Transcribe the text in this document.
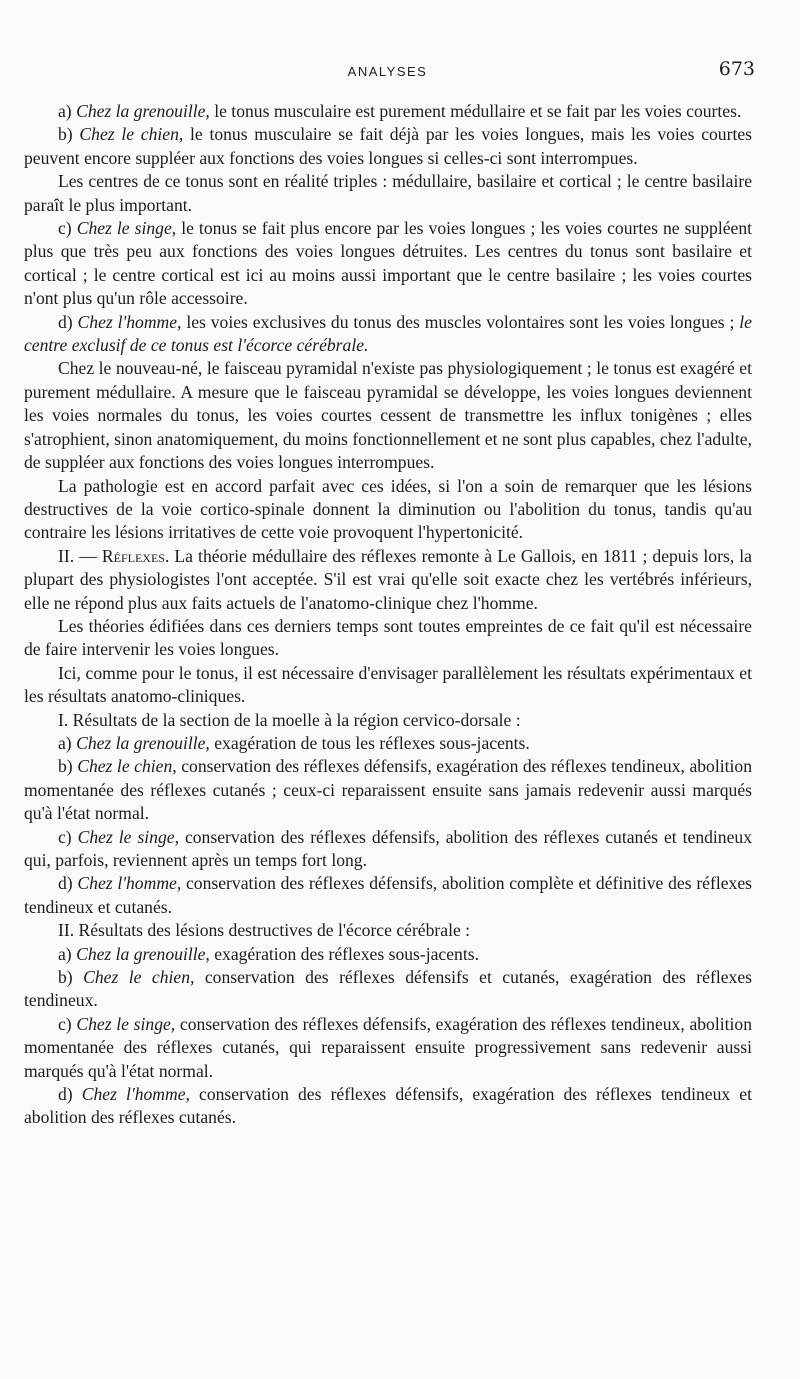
ANALYSES	673

a) Chez la grenouille, le tonus musculaire est purement médullaire et se fait par les voies courtes.

b) Chez le chien, le tonus musculaire se fait déjà par les voies longues, mais les voies courtes peuvent encore suppléer aux fonctions des voies longues si celles-ci sont interrompues.

Les centres de ce tonus sont en réalité triples : médullaire, basilaire et cortical ; le centre basilaire paraît le plus important.

c) Chez le singe, le tonus se fait plus encore par les voies longues ; les voies courtes ne suppléent plus que très peu aux fonctions des voies longues détruites. Les centres du tonus sont basilaire et cortical ; le centre cortical est ici au moins aussi important que le centre basilaire ; les voies courtes n'ont plus qu'un rôle accessoire.

d) Chez l'homme, les voies exclusives du tonus des muscles volontaires sont les voies longues ; le centre exclusif de ce tonus est l'écorce cérébrale.

Chez le nouveau-né, le faisceau pyramidal n'existe pas physiologiquement ; le tonus est exagéré et purement médullaire. A mesure que le faisceau pyramidal se développe, les voies longues deviennent les voies normales du tonus, les voies courtes cessent de transmettre les influx tonigènes ; elles s'atrophient, sinon anatomiquement, du moins fonctionnellement et ne sont plus capables, chez l'adulte, de suppléer aux fonctions des voies longues interrompues.

La pathologie est en accord parfait avec ces idées, si l'on a soin de remarquer que les lésions destructives de la voie cortico-spinale donnent la diminution ou l'abolition du tonus, tandis qu'au contraire les lésions irritatives de cette voie provoquent l'hypertonicité.

II. — Réflexes. La théorie médullaire des réflexes remonte à Le Gallois, en 1811 ; depuis lors, la plupart des physiologistes l'ont acceptée. S'il est vrai qu'elle soit exacte chez les vertébrés inférieurs, elle ne répond plus aux faits actuels de l'anatomo-clinique chez l'homme.

Les théories édifiées dans ces derniers temps sont toutes empreintes de ce fait qu'il est nécessaire de faire intervenir les voies longues.

Ici, comme pour le tonus, il est nécessaire d'envisager parallèlement les résultats expérimentaux et les résultats anatomo-cliniques.

I. Résultats de la section de la moelle à la région cervico-dorsale :

a) Chez la grenouille, exagération de tous les réflexes sous-jacents.

b) Chez le chien, conservation des réflexes défensifs, exagération des réflexes tendineux, abolition momentanée des réflexes cutanés ; ceux-ci reparaissent ensuite sans jamais redevenir aussi marqués qu'à l'état normal.

c) Chez le singe, conservation des réflexes défensifs, abolition des réflexes cutanés et tendineux qui, parfois, reviennent après un temps fort long.

d) Chez l'homme, conservation des réflexes défensifs, abolition complète et définitive des réflexes tendineux et cutanés.

II. Résultats des lésions destructives de l'écorce cérébrale :

a) Chez la grenouille, exagération des réflexes sous-jacents.

b) Chez le chien, conservation des réflexes défensifs et cutanés, exagération des réflexes tendineux.

c) Chez le singe, conservation des réflexes défensifs, exagération des réflexes tendineux, abolition momentanée des réflexes cutanés, qui reparaissent ensuite progressivement sans redevenir aussi marqués qu'à l'état normal.

d) Chez l'homme, conservation des réflexes défensifs, exagération des réflexes tendineux et abolition des réflexes cutanés.
